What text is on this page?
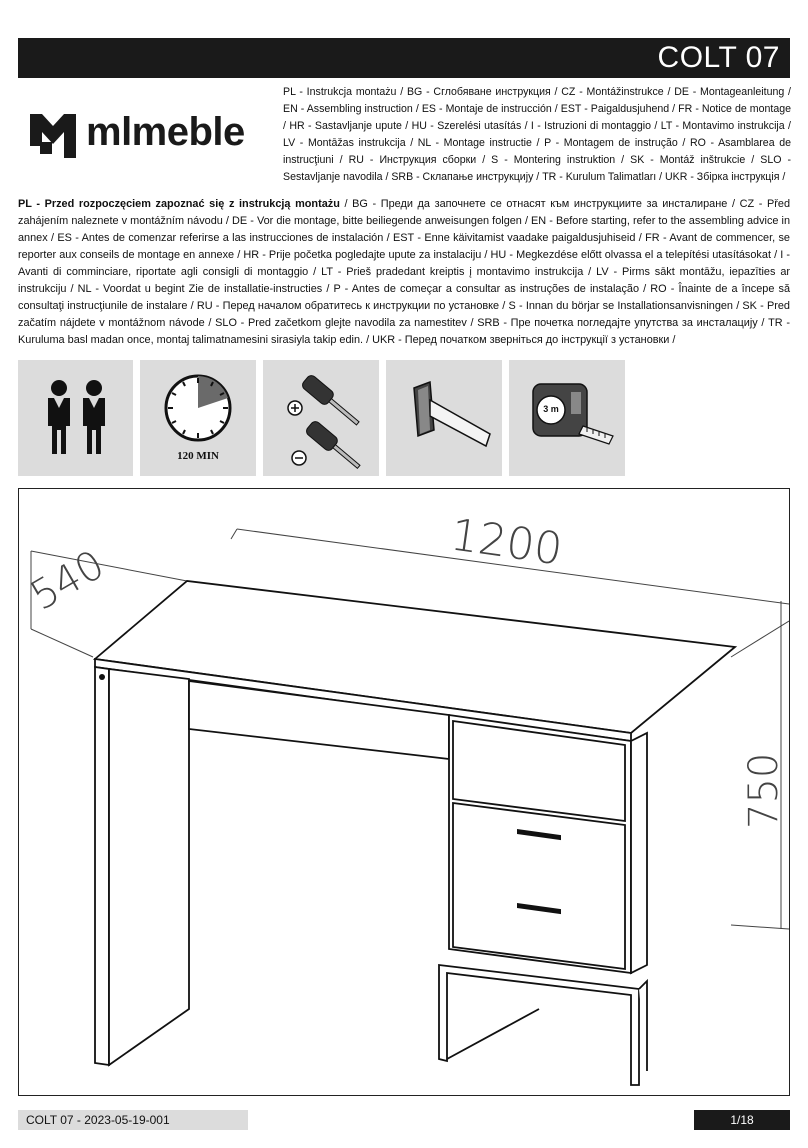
COLT 07
mlmeble
PL - Instrukcja montażu / BG - Сглобяване инструкция / CZ - Montážinstrukce / DE - Montageanleitung / EN - Assembling instruction / ES - Montaje de instrucción / EST - Paigaldusjuhend / FR - Notice de montage / HR - Sastavljanje upute / HU - Szerelési utasítás / I - Istruzioni di montaggio / LT - Montavimo instrukcija / LV - Montāžas instrukcija / NL - Montage instructie / P - Montagem de instrução / RO - Asamblarea de instrucţiuni / RU - Инструкция сборки / S - Montering instruktion / SK - Montáž inštrukcie / SLO - Sestavljanje navodila / SRB - Склапање инструкцију / TR - Kurulum Talimatları / UKR - Збірка інструкція /
PL - Przed rozpoczęciem zapoznać się z instrukcją montażu / BG - Преди да започнете се отнасят към инструкциите за инсталиране / CZ - Před zahájením naleznete v montážním návodu / DE - Vor die montage, bitte beiliegende anweisungen folgen / EN - Before starting, refer to the assembling advice in annex / ES - Antes de comenzar referirse a las instrucciones de instalación / EST - Enne käivitamist vaadake paigaldusjuhiseid / FR - Avant de commencer, se reporter aux conseils de montage en annexe / HR - Prije početka pogledajte upute za instalaciju / HU - Megkezdése előtt olvassa el a telepítési utasításokat / I - Avanti di comminciare, riportate agli consigli di montaggio / LT - Prieš pradedant kreiptis į montavimo instrukcija / LV - Pirms sākt montāžu, iepazīties ar instrukciju / NL - Voordat u begint Zie de installatie-instructies / P - Antes de começar a consultar as instruções de instalação / RO - Înainte de a începe să consultaţi instrucţiunile de instalare / RU - Перед началом обратитесь к инструкции по установке / S - Innan du börjar se Installationsanvisningen / SK - Pred začatím nájdete v montážnom návode / SLO - Pred začetkom glejte navodila za namestitev / SRB - Пре почетка погледајте упутства за инсталацију / TR - Kuruluma basl madan once, montaj talimatnamesini sirasiyla takip edin. / UKR - Перед початком зверніться до інструкції з установки /
120 MIN
3 m
1200
540
750
COLT 07 - 2023-05-19-001	1/18
